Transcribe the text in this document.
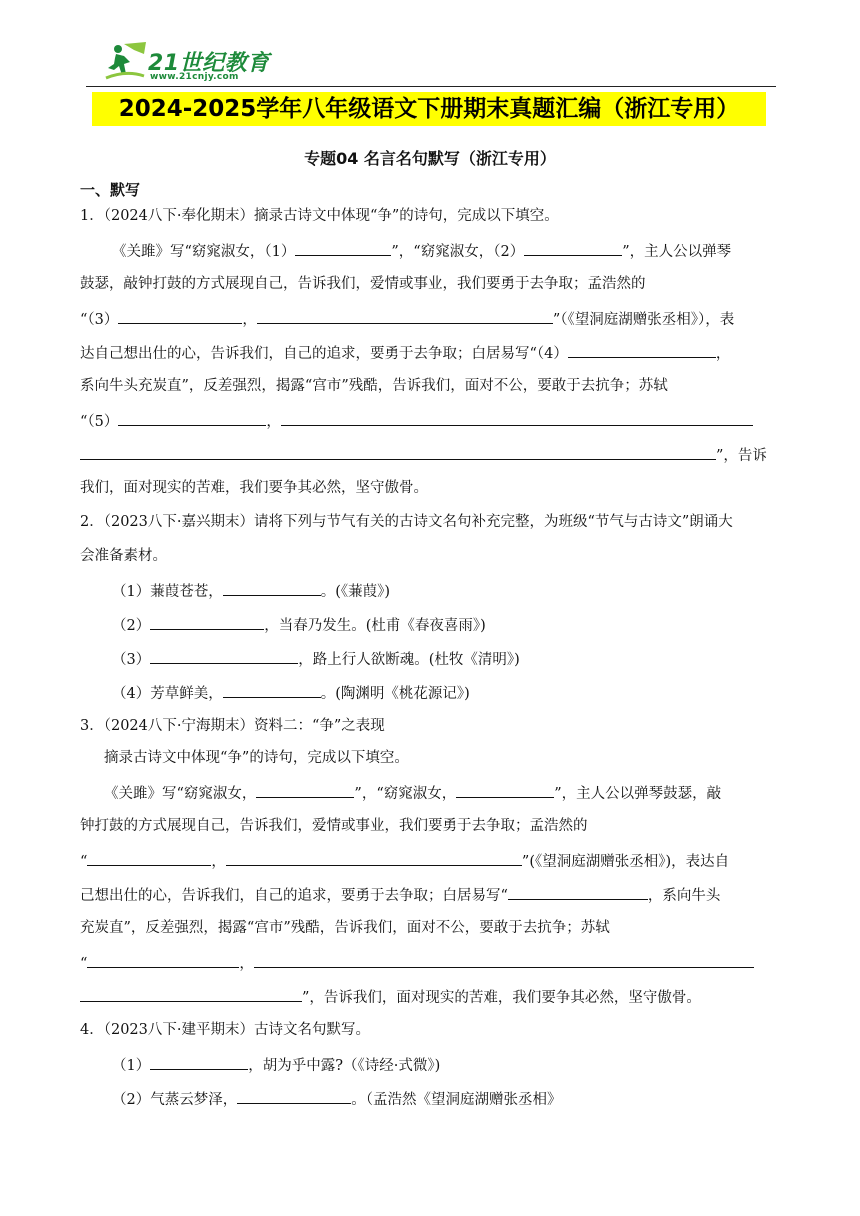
21世纪教育
www.21cnjy.com
2024-2025学年八年级语文下册期末真题汇编（浙江专用）
专题04 名言名句默写（浙江专用）
一、默写
1．（2024八下·奉化期末）摘录古诗文中体现“争”的诗句，完成以下填空。
《关雎》写“窈窕淑女，（1）	”，“窈窕淑女，（2）	”，主人公以弹琴
鼓瑟，敲钟打鼓的方式展现自己，告诉我们，爱情或事业，我们要勇于去争取；孟浩然的
“（3）	，	”（《望洞庭湖赠张丞相》），表
达自己想出仕的心，告诉我们，自己的追求，要勇于去争取；白居易写“（4）	，
系向牛头充炭直”，反差强烈，揭露“宫市”残酷，告诉我们，面对不公，要敢于去抗争；苏轼
“（5）	，
”，告诉
我们，面对现实的苦难，我们要争其必然，坚守傲骨。
2．（2023八下·嘉兴期末）请将下列与节气有关的古诗文名句补充完整，为班级“节气与古诗文”朗诵大
会准备素材。
（1）蒹葭苍苍，	。(《蒹葭》)
（2）	，当春乃发生。(杜甫《春夜喜雨》)
（3）	，路上行人欲断魂。(杜牧《清明》)
（4）芳草鲜美，	。(陶渊明《桃花源记》)
3．（2024八下·宁海期末）资料二：“争”之表现
摘录古诗文中体现“争”的诗句，完成以下填空。
《关雎》写“窈窕淑女，	”，“窈窕淑女，	”，主人公以弹琴鼓瑟，敲
钟打鼓的方式展现自己，告诉我们，爱情或事业，我们要勇于去争取；孟浩然的
“	，	”(《望洞庭湖赠张丞相》)，表达自
己想出仕的心，告诉我们，自己的追求，要勇于去争取；白居易写“	，系向牛头
充炭直”，反差强烈，揭露“宫市”残酷，告诉我们，面对不公，要敢于去抗争；苏轼
“	，
”，告诉我们，面对现实的苦难，我们要争其必然，坚守傲骨。
4．（2023八下·建平期末）古诗文名句默写。
（1）	，胡为乎中露?（《诗经·式微》)
（2）气蒸云梦泽，	。（孟浩然《望洞庭湖赠张丞相》
